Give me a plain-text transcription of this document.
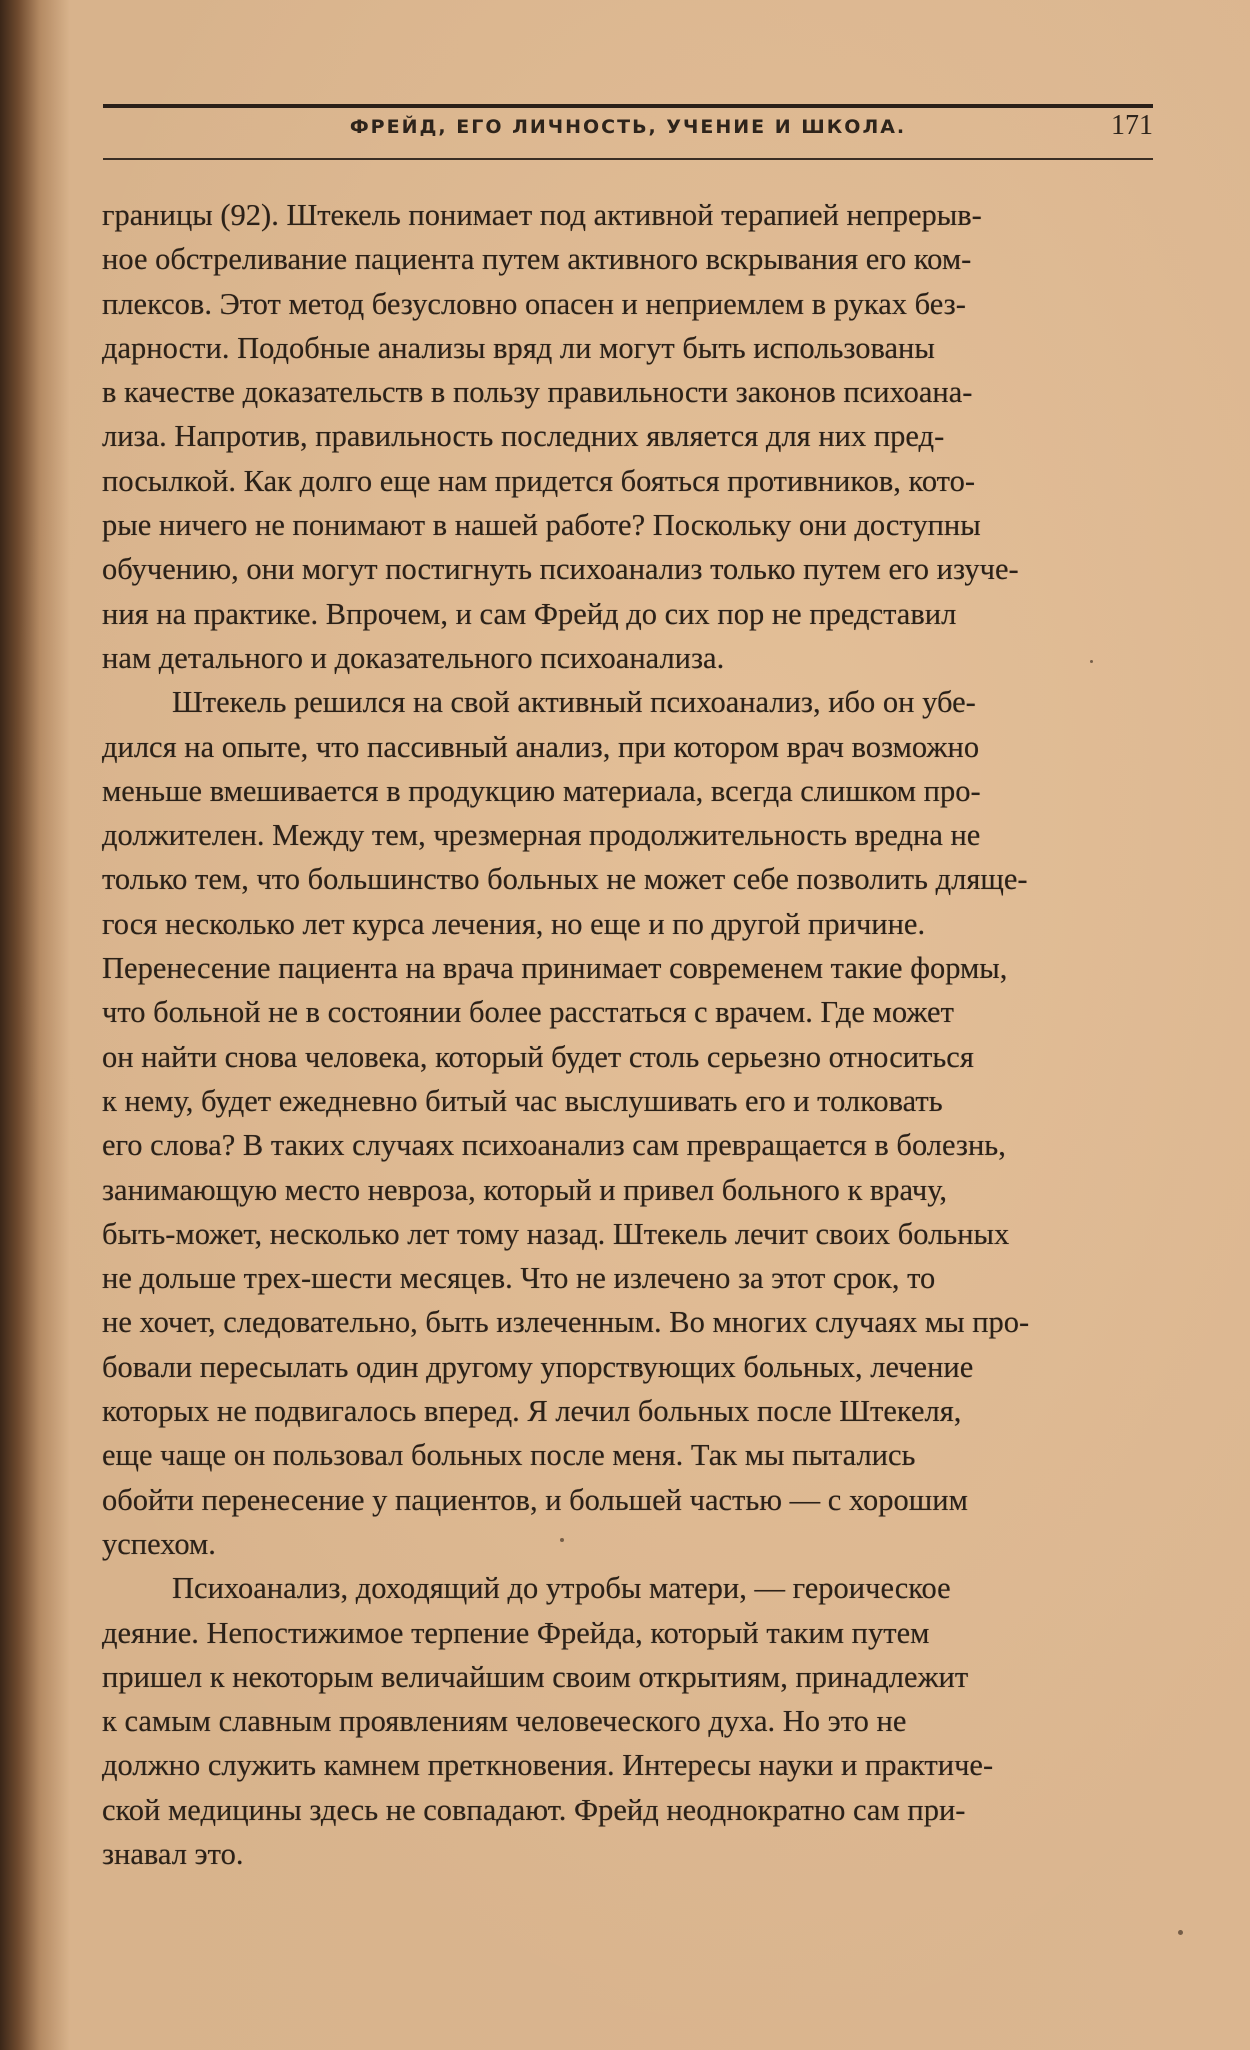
ФРЕЙД, ЕГО ЛИЧНОСТЬ, УЧЕНИЕ И ШКОЛА.	171

границы (92). Штекель понимает под активной терапией непрерыв-
ное обстреливание пациента путем активного вскрывания его ком-
плексов. Этот метод безусловно опасен и неприемлем в руках без-
дарности. Подобные анализы вряд ли могут быть использованы
в качестве доказательств в пользу правильности законов психоана-
лиза. Напротив, правильность последних является для них пред-
посылкой. Как долго еще нам придется бояться противников, кото-
рые ничего не понимают в нашей работе? Поскольку они доступны
обучению, они могут постигнуть психоанализ только путем его изуче-
ния на практике. Впрочем, и сам Фрейд до сих пор не представил
нам детального и доказательного психоанализа.

Штекель решился на свой активный психоанализ, ибо он убе-
дился на опыте, что пассивный анализ, при котором врач возможно
меньше вмешивается в продукцию материала, всегда слишком про-
должителен. Между тем, чрезмерная продолжительность вредна не
только тем, что большинство больных не может себе позволить длящe-
гося несколько лет курса лечения, но еще и по другой причине.
Перенесение пациента на врача принимает современем такие формы,
что больной не в состоянии более расстаться с врачем. Где может
он найти снова человека, который будет столь серьезно относиться
к нему, будет ежедневно битый час выслушивать его и толковать
его слова? В таких случаях психоанализ сам превращается в болезнь,
занимающую место невроза, который и привел больного к врачу,
быть-может, несколько лет тому назад. Штекель лечит своих больных
не дольше трех-шести месяцев. Что не излечено за этот срок, то
не хочет, следовательно, быть излеченным. Во многих случаях мы про-
бовали пересылать один другому упорствующих больных, лечение
которых не подвигалось вперед. Я лечил больных после Штекеля,
еще чаще он пользовал больных после меня. Так мы пытались
обойти перенесение у пациентов, и большей частью — с хорошим
успехом.

Психоанализ, доходящий до утробы матери, — героическое
деяние. Непостижимое терпение Фрейда, который таким путем
пришел к некоторым величайшим своим открытиям, принадлежит
к самым славным проявлениям человеческого духа. Но это не
должно служить камнем преткновения. Интересы науки и практиче-
ской медицины здесь не совпадают. Фрейд неоднократно сам при-
знавал это.
